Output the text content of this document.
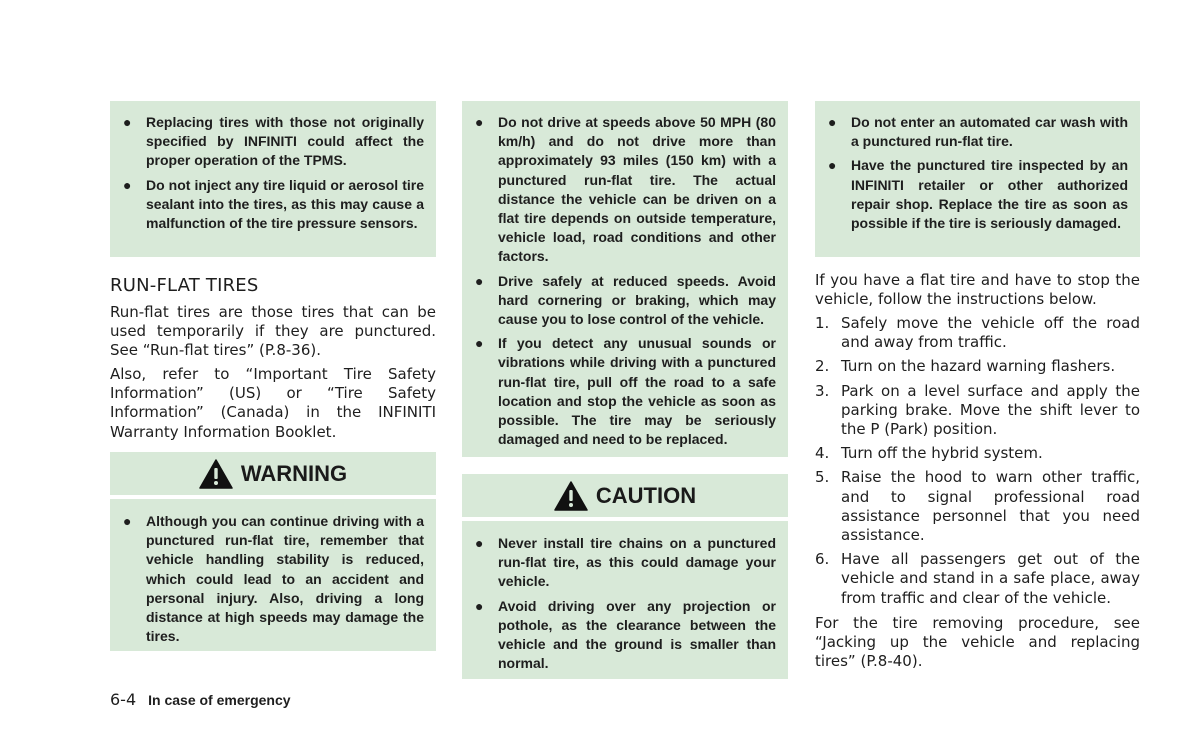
● Replacing tires with those not originally specified by INFINITI could affect the proper operation of the TPMS.
● Do not inject any tire liquid or aerosol tire sealant into the tires, as this may cause a malfunction of the tire pressure sensors.
RUN-FLAT TIRES

Run-flat tires are those tires that can be used temporarily if they are punctured. See “Run-flat tires” (P.8-36).

Also, refer to “Important Tire Safety Information” (US) or “Tire Safety Information” (Canada) in the INFINITI Warranty Information Booklet.

WARNING
● Although you can continue driving with a punctured run-flat tire, remember that vehicle handling stability is reduced, which could lead to an accident and personal injury. Also, driving a long distance at high speeds may damage the tires.
● Do not drive at speeds above 50 MPH (80 km/h) and do not drive more than approximately 93 miles (150 km) with a punctured run-flat tire. The actual distance the vehicle can be driven on a flat tire depends on outside temperature, vehicle load, road conditions and other factors.
● Drive safely at reduced speeds. Avoid hard cornering or braking, which may cause you to lose control of the vehicle.
● If you detect any unusual sounds or vibrations while driving with a punctured run-flat tire, pull off the road to a safe location and stop the vehicle as soon as possible. The tire may be seriously damaged and need to be replaced.
CAUTION
● Never install tire chains on a punctured run-flat tire, as this could damage your vehicle.
● Avoid driving over any projection or pothole, as the clearance between the vehicle and the ground is smaller than normal.
● Do not enter an automated car wash with a punctured run-flat tire.
● Have the punctured tire inspected by an INFINITI retailer or other authorized repair shop. Replace the tire as soon as possible if the tire is seriously damaged.

If you have a flat tire and have to stop the vehicle, follow the instructions below.

1. Safely move the vehicle off the road and away from traffic.
2. Turn on the hazard warning flashers.
3. Park on a level surface and apply the parking brake. Move the shift lever to the P (Park) position.
4. Turn off the hybrid system.
5. Raise the hood to warn other traffic, and to signal professional road assistance personnel that you need assistance.
6. Have all passengers get out of the vehicle and stand in a safe place, away from traffic and clear of the vehicle.

For the tire removing procedure, see “Jacking up the vehicle and replacing tires” (P.8-40).

6-4 In case of emergency
